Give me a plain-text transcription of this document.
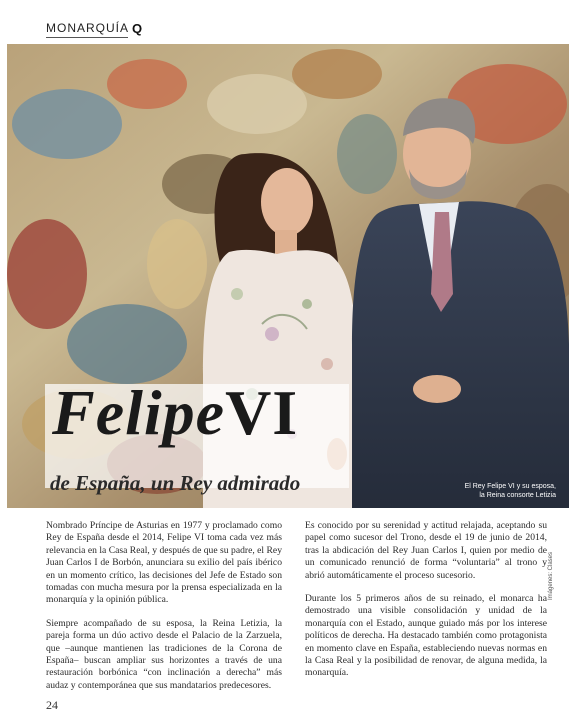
MONARQUÍA Q
FelipeVI
de España, un Rey admirado	El Rey Felipe VI y su esposa,
la Reina consorte Letizia

Nombrado Príncipe de Asturias en 1977 y proclamado como Rey de España desde el 2014, Felipe VI toma cada vez más relevancia en la Casa Real, y después de que su padre, el Rey Juan Carlos I de Borbón, anunciara su exilio del país ibérico en un momento crítico, las decisiones del Jefe de Estado son tomadas con mucha mesura por la prensa especializada en la monarquía y la opinión pública.

Siempre acompañado de su esposa, la Reina Letizia, la pareja forma un dúo activo desde el Palacio de la Zarzuela, que –aunque mantienen las tradiciones de la Corona de España– buscan ampliar sus horizontes a través de una restauración borbónica “con inclinación a derecha” más audaz y contemporánea que sus mandatarios predecesores.

Es conocido por su serenidad y actitud relajada, aceptando su papel como sucesor del Trono, desde el 19 de junio de 2014, tras la abdicación del Rey Juan Carlos I, quien por medio de un comunicado renunció de forma “voluntaria” al trono y abrió automáticamente el proceso sucesorio.

Durante los 5 primeros años de su reinado, el monarca ha demostrado una visible consolidación y unidad de la monarquía con el Estado, aunque guiado más por los interese políticos de derecha. Ha destacado también como protagonista en momento clave en España, estableciendo nuevas normas en la Casa Real y la posibilidad de renovar, de alguna medida, la monarquía.

Imágenes: Clases
24
